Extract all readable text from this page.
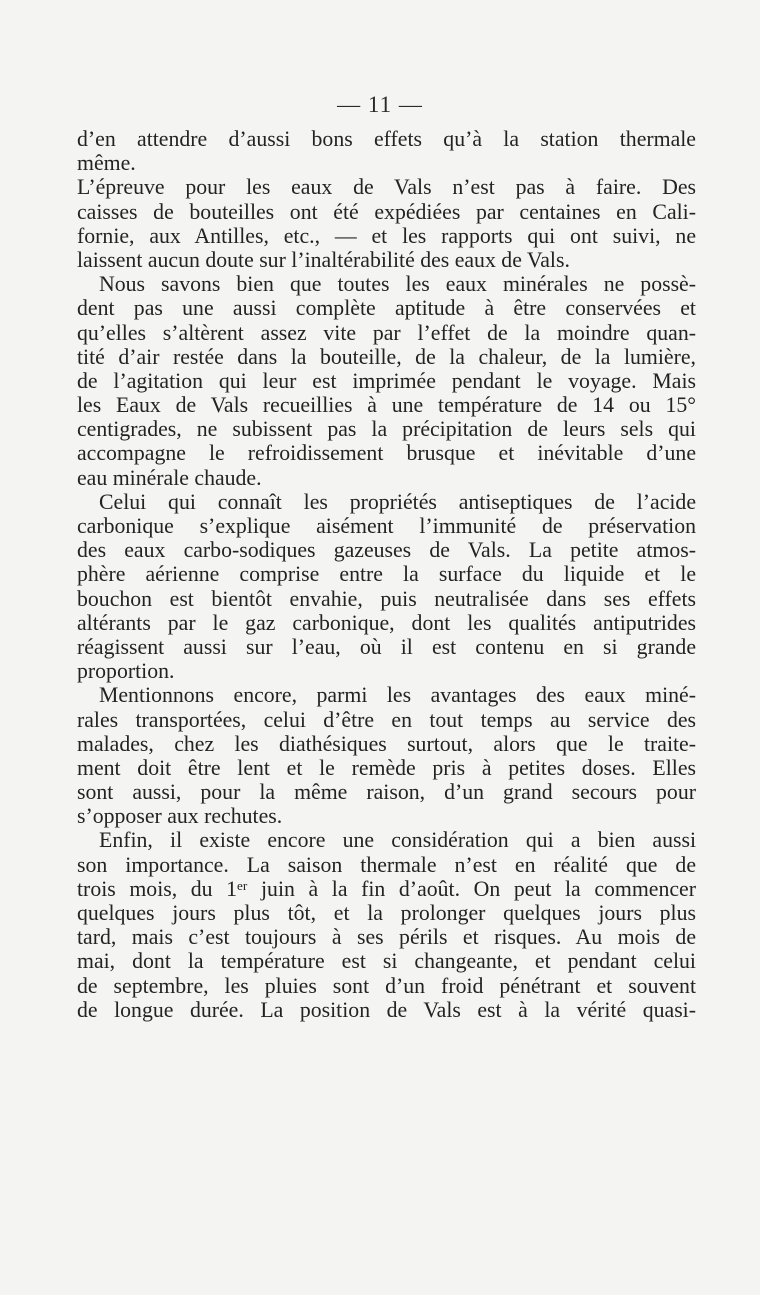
— 11 —
d’en attendre d’aussi bons effets qu’à la station thermale
même.
L’épreuve pour les eaux de Vals n’est pas à faire. Des
caisses de bouteilles ont été expédiées par centaines en Cali-
fornie, aux Antilles, etc., — et les rapports qui ont suivi, ne
laissent aucun doute sur l’inaltérabilité des eaux de Vals.
Nous savons bien que toutes les eaux minérales ne possè-
dent pas une aussi complète aptitude à être conservées et
qu’elles s’altèrent assez vite par l’effet de la moindre quan-
tité d’air restée dans la bouteille, de la chaleur, de la lumière,
de l’agitation qui leur est imprimée pendant le voyage. Mais
les Eaux de Vals recueillies à une température de 14 ou 15°
centigrades, ne subissent pas la précipitation de leurs sels qui
accompagne le refroidissement brusque et inévitable d’une
eau minérale chaude.
Celui qui connaît les propriétés antiseptiques de l’acide
carbonique s’explique aisément l’immunité de préservation
des eaux carbo-sodiques gazeuses de Vals. La petite atmos-
phère aérienne comprise entre la surface du liquide et le
bouchon est bientôt envahie, puis neutralisée dans ses effets
altérants par le gaz carbonique, dont les qualités antiputrides
réagissent aussi sur l’eau, où il est contenu en si grande
proportion.
Mentionnons encore, parmi les avantages des eaux miné-
rales transportées, celui d’être en tout temps au service des
malades, chez les diathésiques surtout, alors que le traite-
ment doit être lent et le remède pris à petites doses. Elles
sont aussi, pour la même raison, d’un grand secours pour
s’opposer aux rechutes.
Enfin, il existe encore une considération qui a bien aussi
son importance. La saison thermale n’est en réalité que de
trois mois, du 1ᵉʳ juin à la fin d’août. On peut la commencer
quelques jours plus tôt, et la prolonger quelques jours plus
tard, mais c’est toujours à ses périls et risques. Au mois de
mai, dont la température est si changeante, et pendant celui
de septembre, les pluies sont d’un froid pénétrant et souvent
de longue durée. La position de Vals est à la vérité quasi-
